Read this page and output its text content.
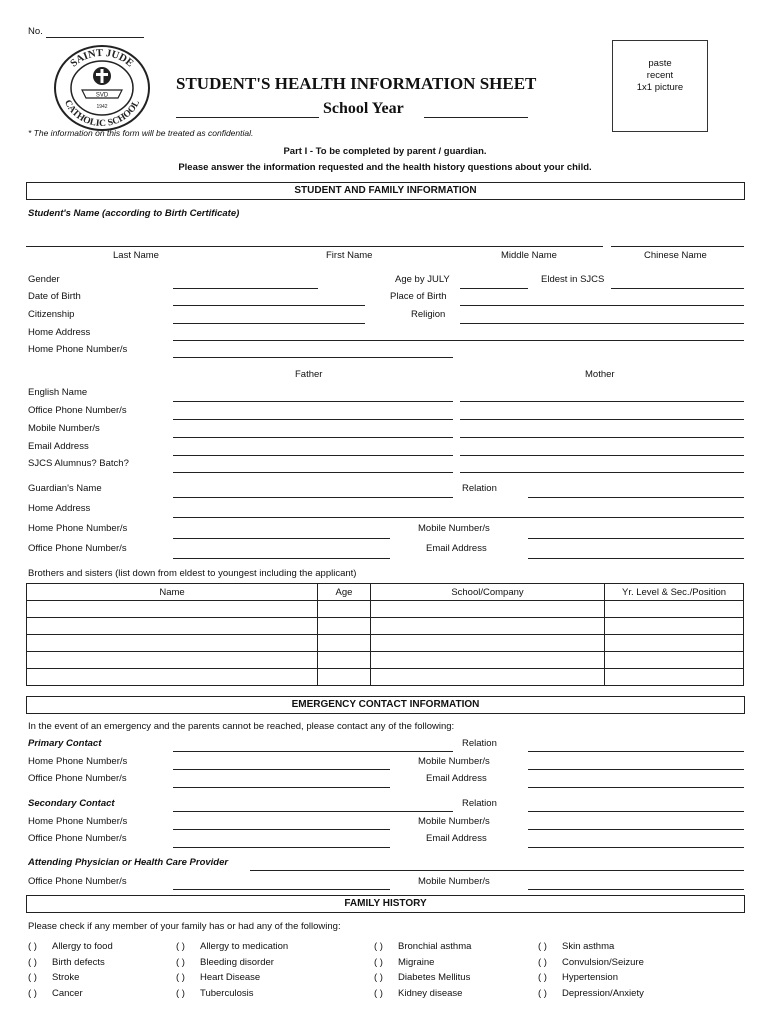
No.
SAINT JUDE
CATHOLIC SCHOOL
SVD
1942
STUDENT'S HEALTH INFORMATION SHEET
School Year
paste
recent
1x1 picture
* The information on this form will be treated as confidential.
Part I - To be completed by parent / guardian.
Please answer the information requested and the health history questions about your child.
STUDENT AND FAMILY INFORMATION
Student's Name (according to Birth Certificate)
Last Name	First Name	Middle Name	Chinese Name
Gender	Age by JULY	Eldest in SJCS
Date of Birth	Place of Birth
Citizenship	Religion
Home Address
Home Phone Number/s
Father	Mother
English Name
Office Phone Number/s
Mobile Number/s
Email Address
SJCS Alumnus? Batch?
Guardian's Name	Relation
Home Address
Home Phone Number/s	Mobile Number/s
Office Phone Number/s	Email Address
Brothers and sisters (list down from eldest to youngest including the applicant)
Name	Age	School/Company	Yr. Level & Sec./Position

EMERGENCY CONTACT INFORMATION
In the event of an emergency and the parents cannot be reached, please contact any of the following:
Primary Contact	Relation
Home Phone Number/s	Mobile Number/s
Office Phone Number/s	Email Address
Secondary Contact	Relation
Home Phone Number/s	Mobile Number/s
Office Phone Number/s	Email Address
Attending Physician or Health Care Provider
Office Phone Number/s	Mobile Number/s
FAMILY HISTORY
Please check if any member of your family has or had any of the following:
( ) Allergy to food
( ) Birth defects
( ) Stroke
( ) Cancer
( ) Allergy to medication
( ) Bleeding disorder
( ) Heart Disease
( ) Tuberculosis
( ) Bronchial asthma
( ) Migraine
( ) Diabetes Mellitus
( ) Kidney disease
( ) Skin asthma
( ) Convulsion/Seizure
( ) Hypertension
( ) Depression/Anxiety
